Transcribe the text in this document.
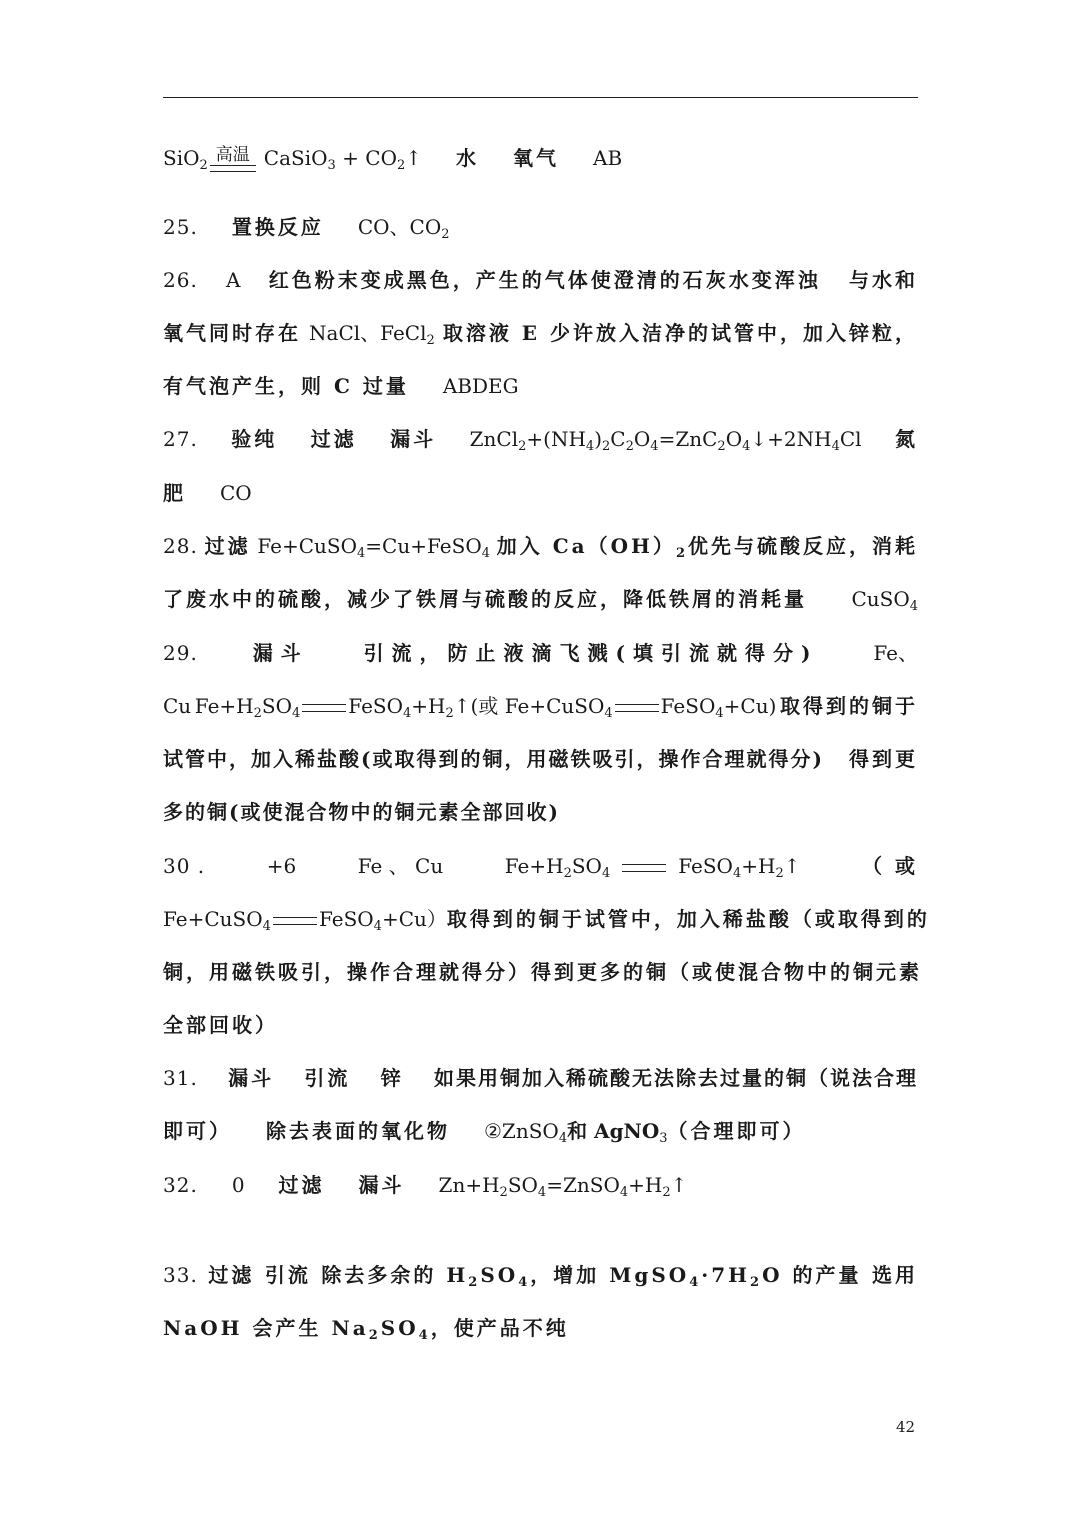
SiO$_2$
高温 CaSiO$_3$ + $CO_2↑$ 水 氧气 AB
25. 置换反应 CO、$CO_2$
26. A 红色粉末变成黑色，产生的气体使澄清的石灰水变浑浊 与水和
氧气同时存在 NaCl、FeCl$_2$ 取溶液 E 少许放入洁净的试管中，加入锌粒，
有气泡产生，则 C 过量 ABDEG
27. 验纯 过滤 漏斗 $ZnCl_2+(NH_4)_2C_2O_4=ZnC_2O_4↓+2NH_4Cl$ 氮
肥 CO
28. 过滤 Fe+CuSO$_4$=Cu+FeSO$_4$ 加入 $Ca(OH)_2$优先与硫酸反应，消耗
了废水中的硫酸，减少了铁屑与硫酸的反应，降低铁屑的消耗量 CuSO$_4$
29.	漏斗	引流，防止液滴飞溅(填引流就得分)	Fe、
Cu $Fe+H_2SO_4$ $FeSO_4+H_2↑$(或 Fe+CuSO$_4$ FeSO$_4$+Cu) 取得到的铜于
试管中，加入稀盐酸(或取得到的铜，用磁铁吸引，操作合理就得分) 得到更
多的铜(或使混合物中的铜元素全部回收)
30 .	+6	Fe 、 Cu	$Fe+H_2SO_4$	$FeSO_4+H_2↑$	（ 或
Fe+CuSO$_4$ FeSO$_4$+Cu） 取得到的铜于试管中，加入稀盐酸（或取得到的
铜，用磁铁吸引，操作合理就得分） 得到更多的铜（或使混合物中的铜元素
全部回收）
31. 漏斗 引流 锌 如果用铜加入稀硫酸无法除去过量的铜（说法合理
即可） 除去表面的氧化物 ②ZnSO$_4$和 AgNO$_3$（合理即可）
32. 0 过滤 漏斗 $Zn+H_2SO_4=ZnSO_4+H_2↑$
33. 过滤 引流 除去多余的 $H_2SO_4$，增加 $MgSO_4\cdot 7H_2O$ 的产量 选用
NaOH 会产生 $Na_2SO_4$，使产品不纯
42
